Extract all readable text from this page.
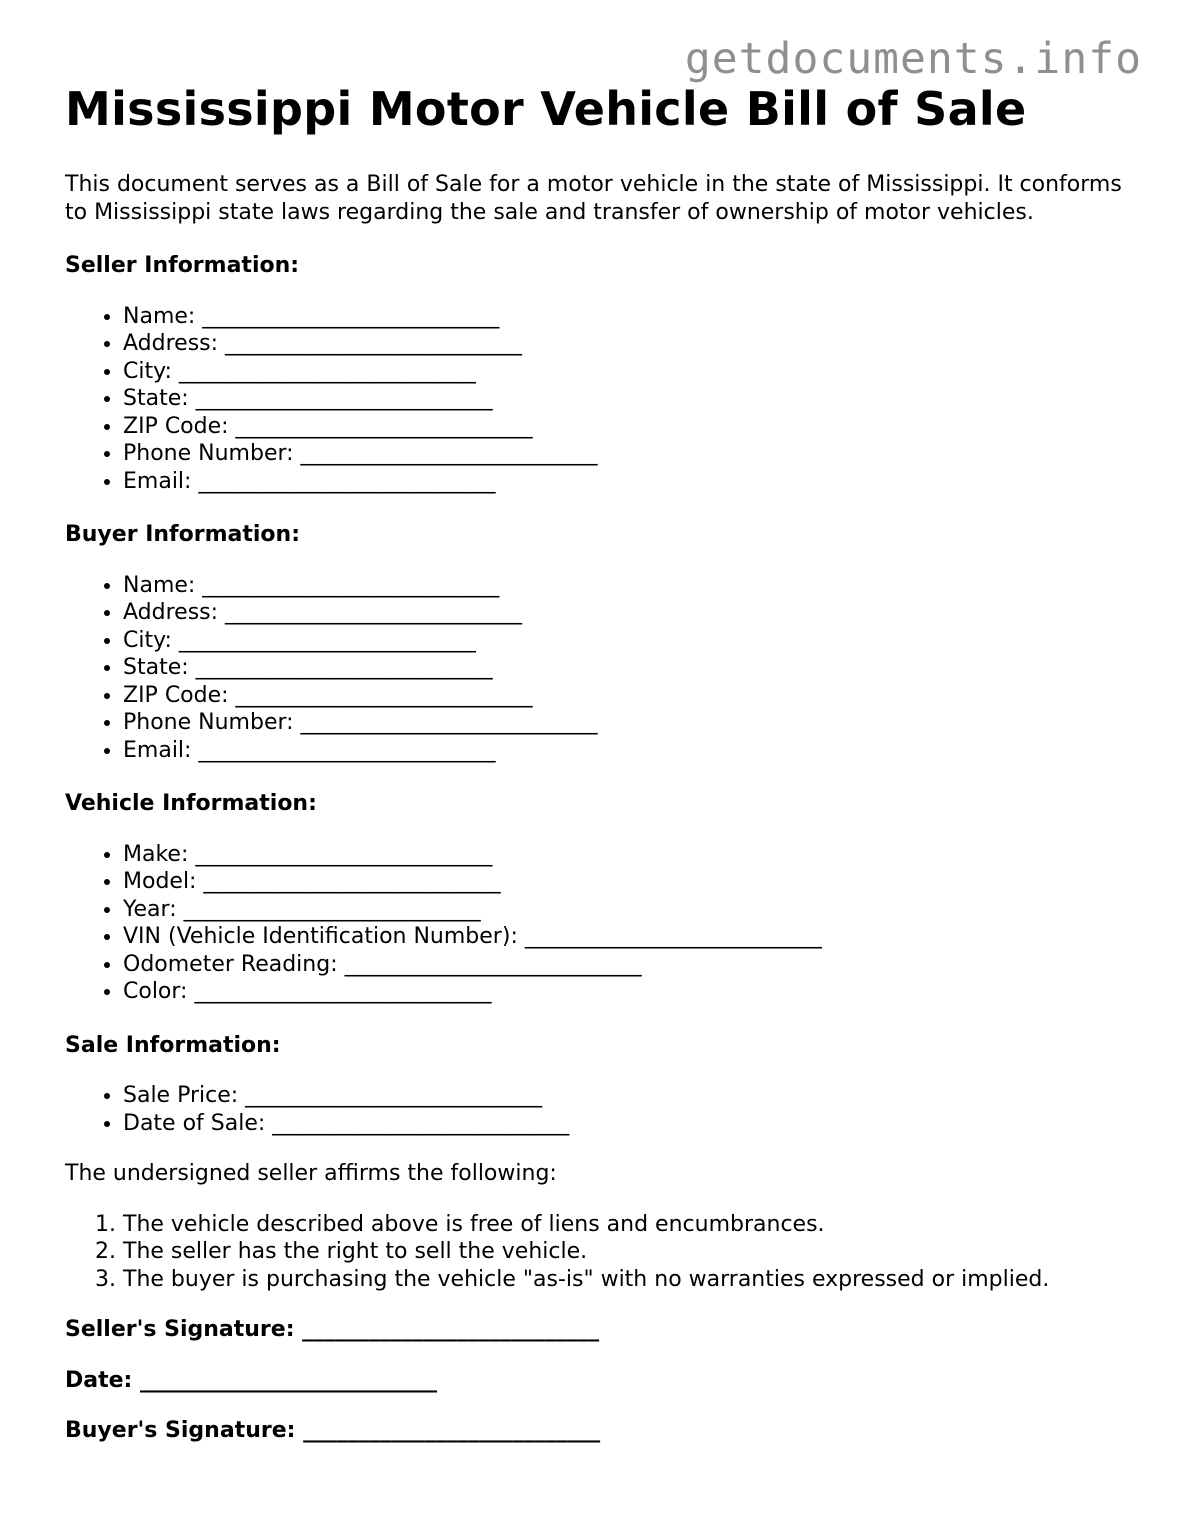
getdocuments.info
Mississippi Motor Vehicle Bill of Sale

This document serves as a Bill of Sale for a motor vehicle in the state of Mississippi. It conforms to Mississippi state laws regarding the sale and transfer of ownership of motor vehicles.

Seller Information:

• Name: ___________________________
• Address: ___________________________
• City: ___________________________
• State: ___________________________
• ZIP Code: ___________________________
• Phone Number: ___________________________
• Email: ___________________________

Buyer Information:

• Name: ___________________________
• Address: ___________________________
• City: ___________________________
• State: ___________________________
• ZIP Code: ___________________________
• Phone Number: ___________________________
• Email: ___________________________

Vehicle Information:

• Make: ___________________________
• Model: ___________________________
• Year: ___________________________
• VIN (Vehicle Identification Number): ___________________________
• Odometer Reading: ___________________________
• Color: ___________________________

Sale Information:

• Sale Price: ___________________________
• Date of Sale: ___________________________

The undersigned seller affirms the following:

1. The vehicle described above is free of liens and encumbrances.
2. The seller has the right to sell the vehicle.
3. The buyer is purchasing the vehicle "as-is" with no warranties expressed or implied.

Seller's Signature: ___________________________

Date: ___________________________

Buyer's Signature: ___________________________
